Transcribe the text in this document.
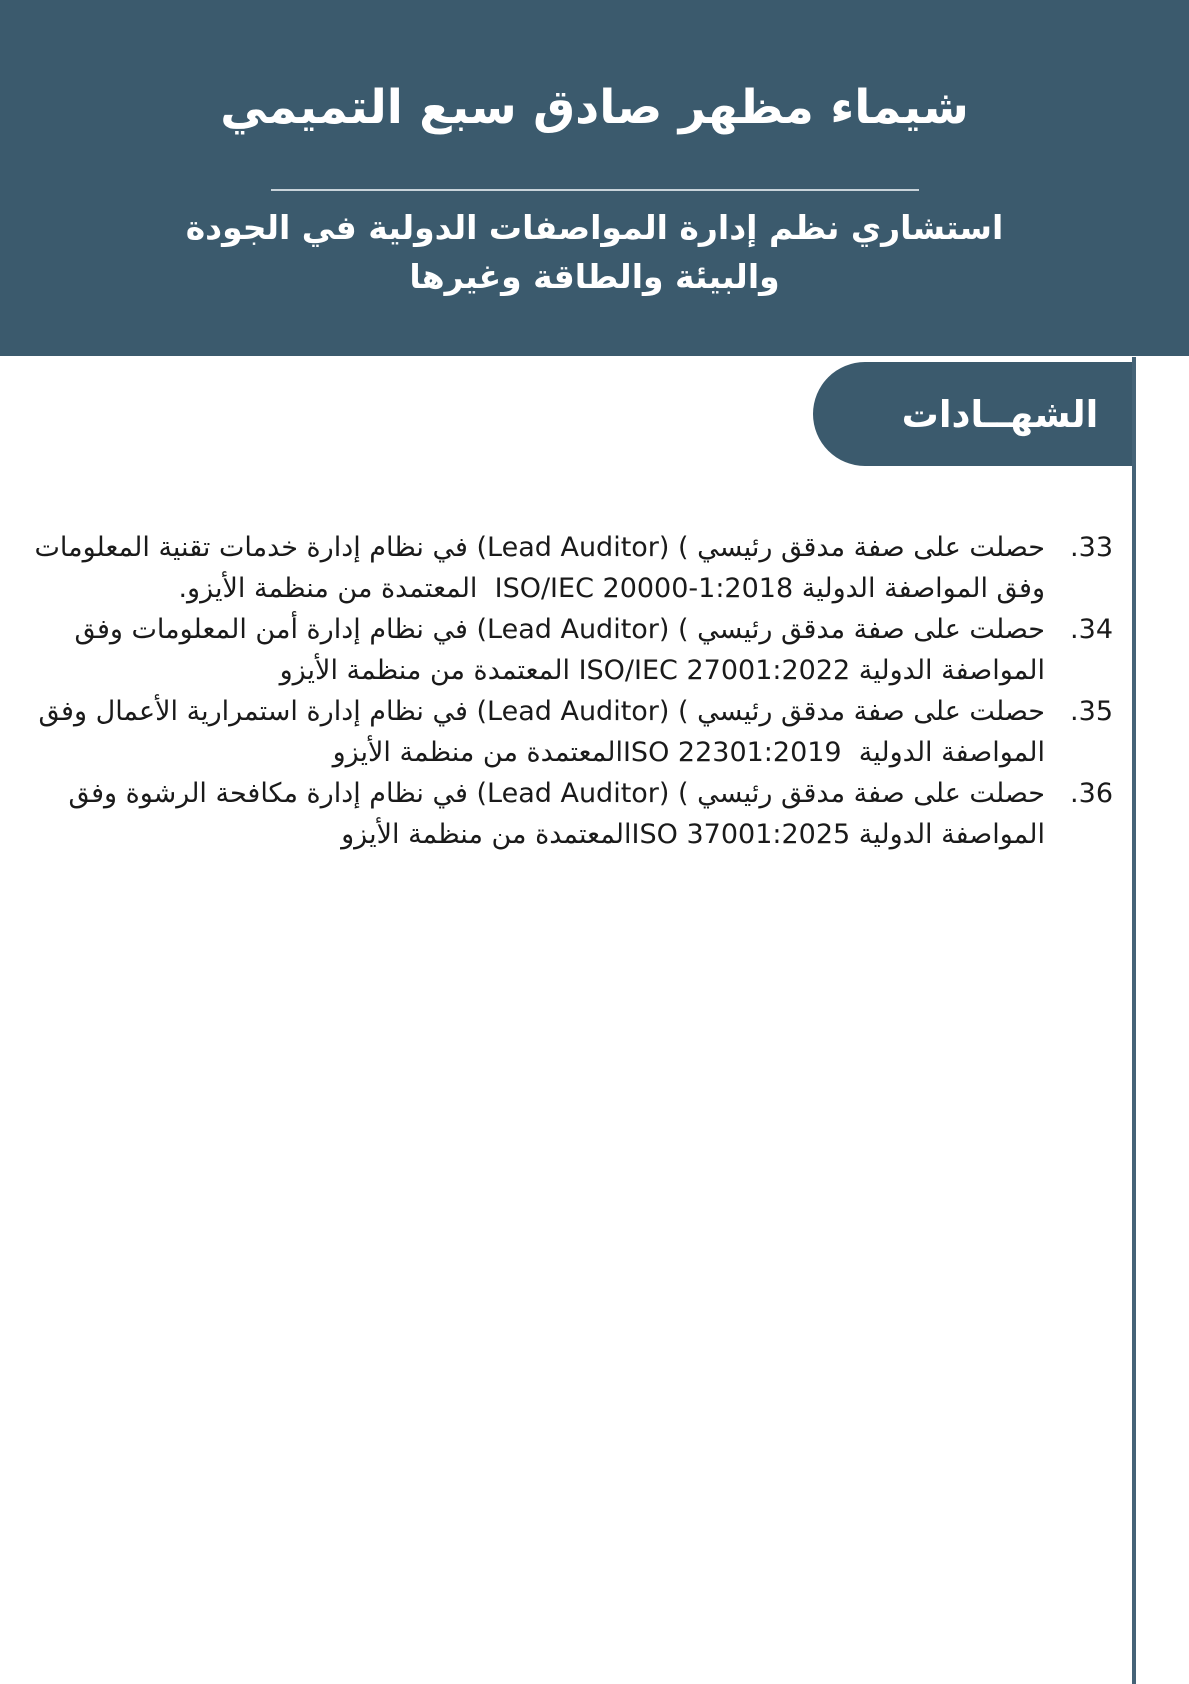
شيماء مظهر صادق سبع التميمي
استشاري نظم إدارة المواصفات الدولية في الجودة
والبيئة والطاقة وغيرها
الشهــادات
33.
حصلت على صفة مدقق رئيسي ) (Lead Auditor) في نظام إدارة خدمات تقنية المعلومات
وفق المواصفة الدولية ISO/IEC 20000-1:2018  المعتمدة من منظمة الأيزو.
34.
حصلت على صفة مدقق رئيسي ) (Lead Auditor) في نظام إدارة أمن المعلومات وفق
المواصفة الدولية ISO/IEC 27001:2022 المعتمدة من منظمة الأيزو
35.
حصلت على صفة مدقق رئيسي ) (Lead Auditor) في نظام إدارة استمرارية الأعمال وفق
المواصفة الدولية  ISO 22301:2019المعتمدة من منظمة الأيزو
36.
حصلت على صفة مدقق رئيسي ) (Lead Auditor) في نظام إدارة مكافحة الرشوة وفق
المواصفة الدولية ISO 37001:2025المعتمدة من منظمة الأيزو
